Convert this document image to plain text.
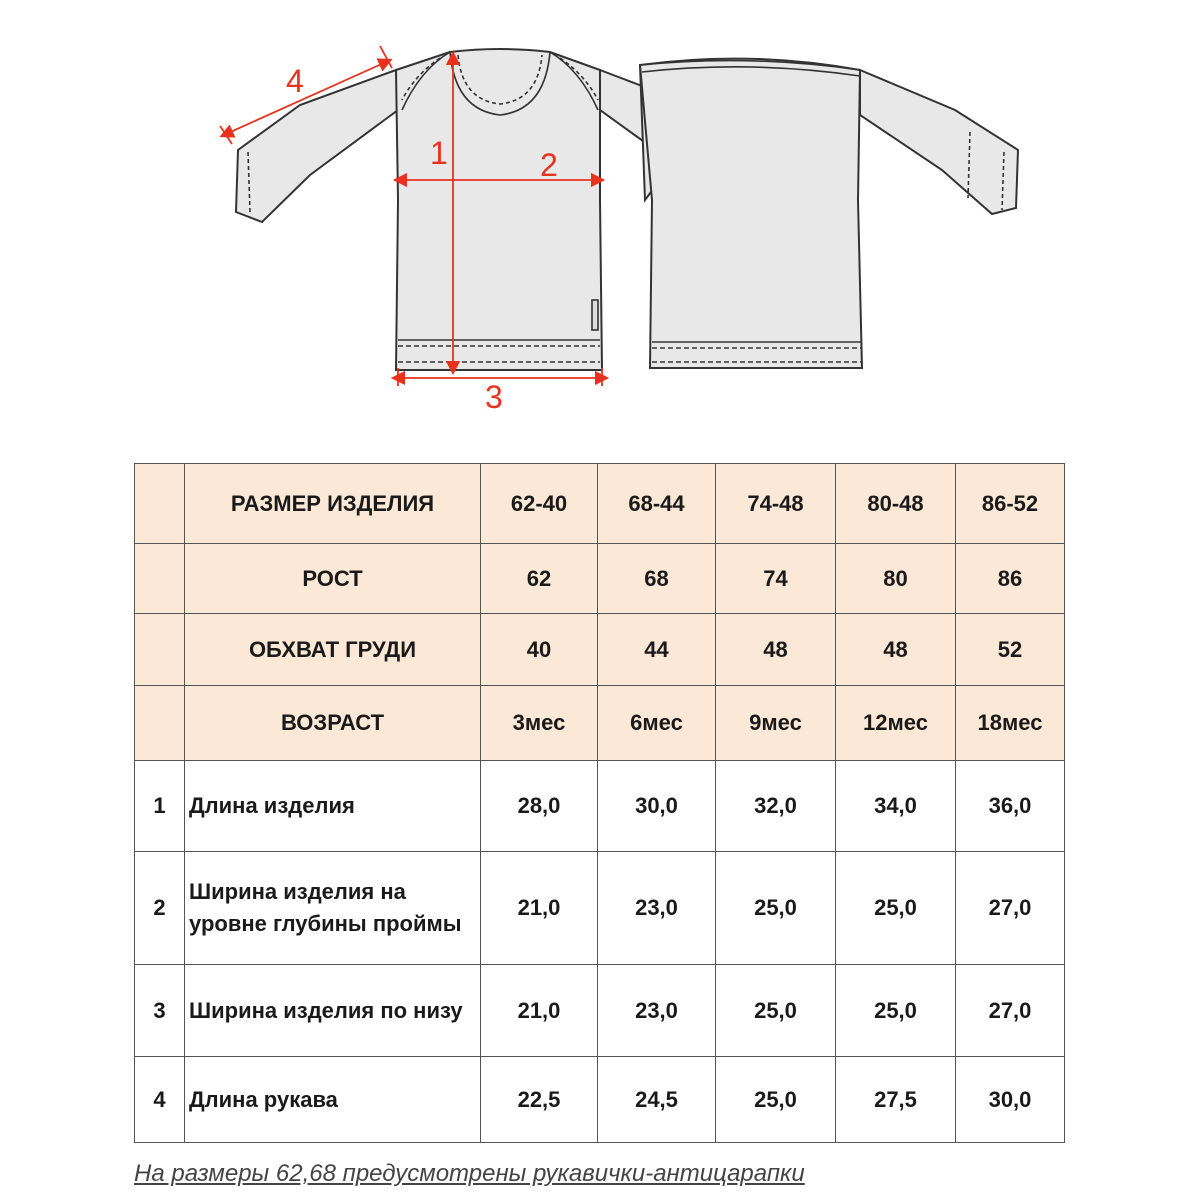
1	2
3
4
	РАЗМЕР ИЗДЕЛИЯ	62-40	68-44	74-48	80-48	86-52
	РОСТ	62	68	74	80	86
	ОБХВАТ ГРУДИ	40	44	48	48	52
	ВОЗРАСТ	3мес	6мес	9мес	12мес	18мес
1	Длина изделия	28,0	30,0	32,0	34,0	36,0
2	Ширина изделия на уровне глубины проймы	21,0	23,0	25,0	25,0	27,0
3	Ширина изделия по низу	21,0	23,0	25,0	25,0	27,0
4	Длина рукава	22,5	24,5	25,0	27,5	30,0
На размеры 62,68 предусмотрены рукавички-антицарапки
